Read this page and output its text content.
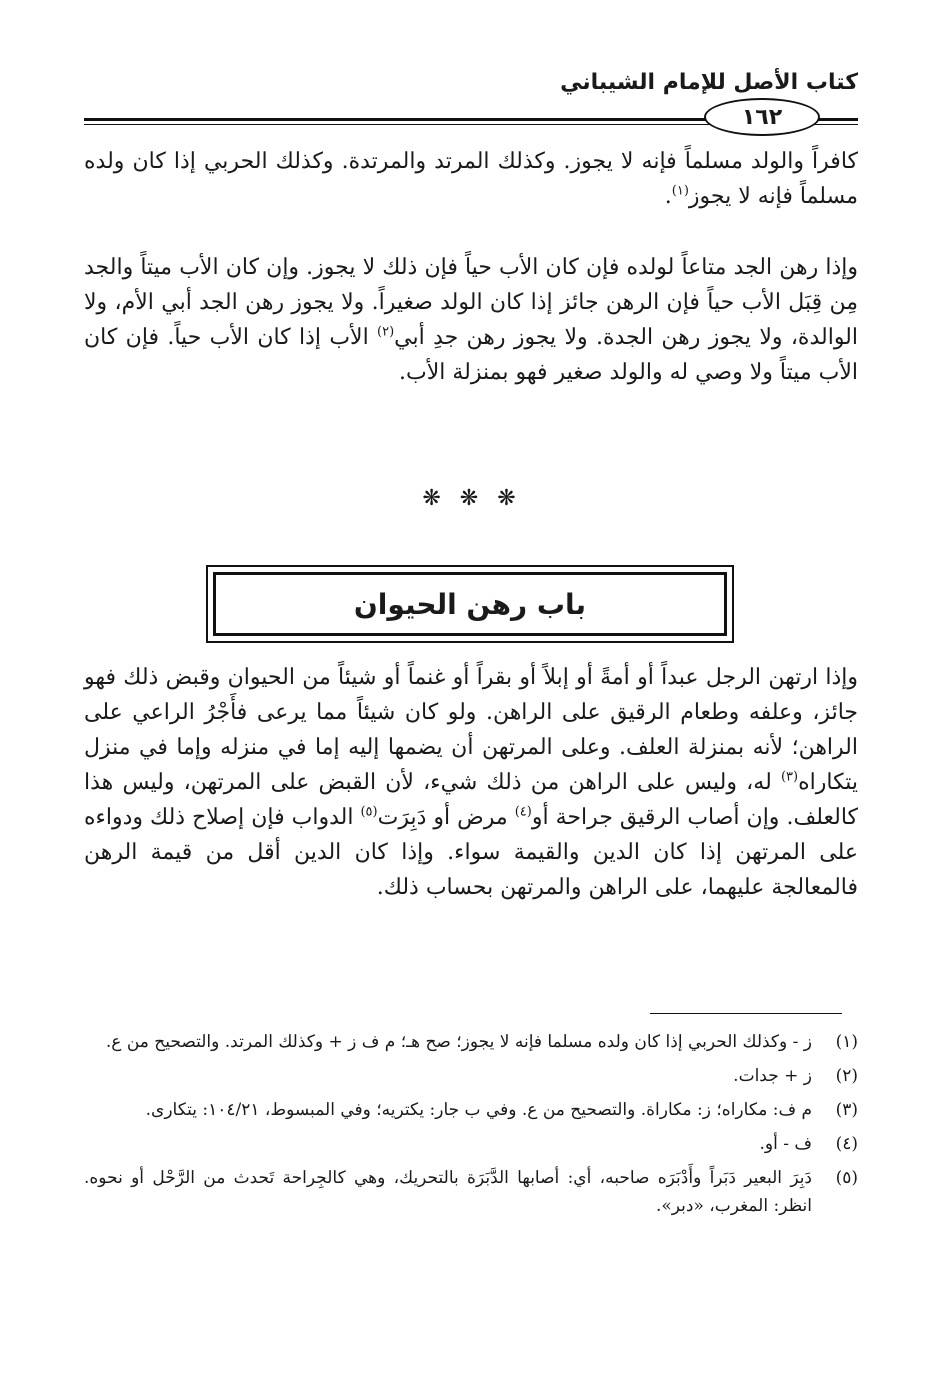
كتاب الأصل للإمام الشيباني
١٦٢

كافراً والولد مسلماً فإنه لا يجوز. وكذلك المرتد والمرتدة. وكذلك الحربي إذا كان ولده مسلماً فإنه لا يجوز$^{(١)}$.

وإذا رهن الجد متاعاً لولده فإن كان الأب حياً فإن ذلك لا يجوز. وإن كان الأب ميتاً والجد مِن قِبَل الأب حياً فإن الرهن جائز إذا كان الولد صغيراً. ولا يجوز رهن الجد أبي الأم، ولا الوالدة، ولا يجوز رهن الجدة. ولا يجوز رهن جدِ أبي$^{(٢)}$ الأب إذا كان الأب حياً. فإن كان الأب ميتاً ولا وصي له والولد صغير فهو بمنزلة الأب.

❋ ❋ ❋
باب رهن الحيوان

وإذا ارتهن الرجل عبداً أو أمةً أو إبلاً أو بقراً أو غنماً أو شيئاً من الحيوان وقبض ذلك فهو جائز، وعلفه وطعام الرقيق على الراهن. ولو كان شيئاً مما يرعى فأَجْرُ الراعي على الراهن؛ لأنه بمنزلة العلف. وعلى المرتهن أن يضمها إليه إما في منزله وإما في منزل يتكاراه$^{(٣)}$ له، وليس على الراهن من ذلك شيء، لأن القبض على المرتهن، وليس هذا كالعلف. وإن أصاب الرقيق جراحة أو$^{(٤)}$ مرض أو دَبِرَت$^{(٥)}$ الدواب فإن إصلاح ذلك ودواءه على المرتهن إذا كان الدين والقيمة سواء. وإذا كان الدين أقل من قيمة الرهن فالمعالجة عليهما، على الراهن والمرتهن بحساب ذلك.

(١)
ز - وكذلك الحربي إذا كان ولده مسلما فإنه لا يجوز؛ صح هـ؛ م ف ز + وكذلك المرتد. والتصحيح من ع.
(٢)
ز + جدات.
(٣)
م ف: مكاراه؛ ز: مكاراة. والتصحيح من ع. وفي ب جار: يكتريه؛ وفي المبسوط، ١٠٤/٢١: يتكارى.
(٤)
ف - أو.
(٥)
دَبِرَ البعير دَبَراً وأَدْبَرَه صاحبه، أي: أصابها الدَّبَرَة بالتحريك، وهي كالجِراحة تَحدث من الرَّحْل أو نحوه. انظر: المغرب، «دبر».
